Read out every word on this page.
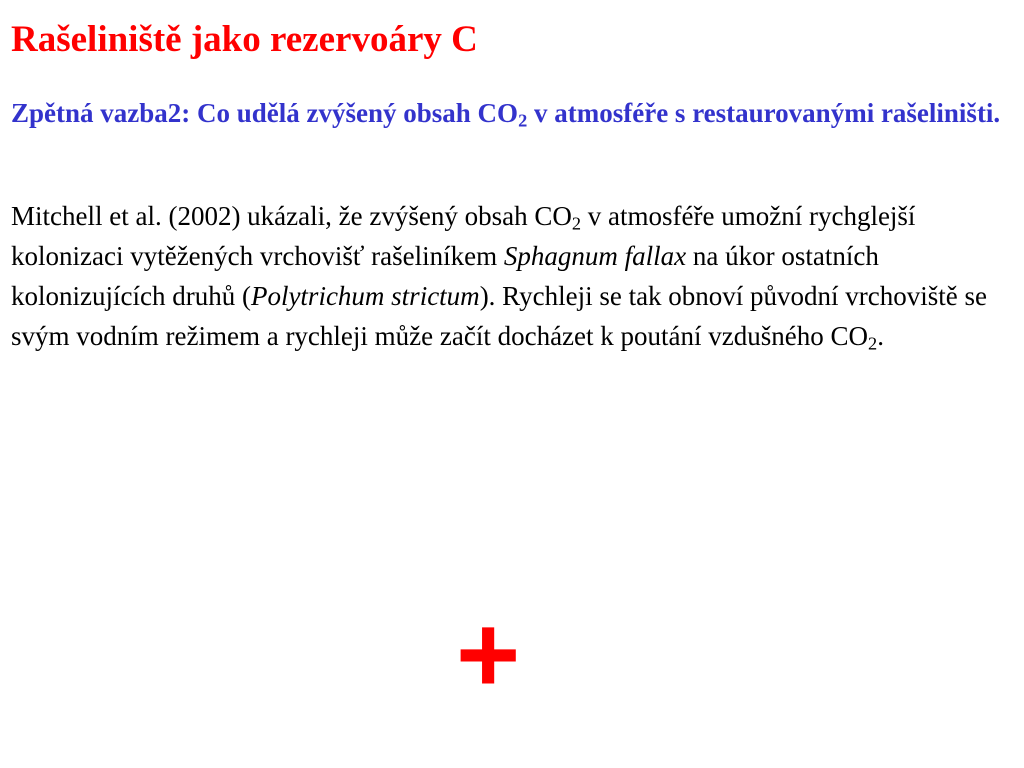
Rašeliniště jako rezervoáry C

Zpětná vazba2: Co udělá zvýšený obsah $CO_2$ v atmosféře s restaurovanými rašeliništi.

Mitchell et al. (2002) ukázali, že zvýšený obsah $CO_2$ v atmosféře umožní rychglejší kolonizaci vytěžených vrchovišť rašeliníkem Sphagnum fallax na úkor ostatních kolonizujících druhů (Polytrichum strictum). Rychleji se tak obnoví původní vrchoviště se svým vodním režimem a rychleji může začít docházet k poutání vzdušného $CO_2$.

+
